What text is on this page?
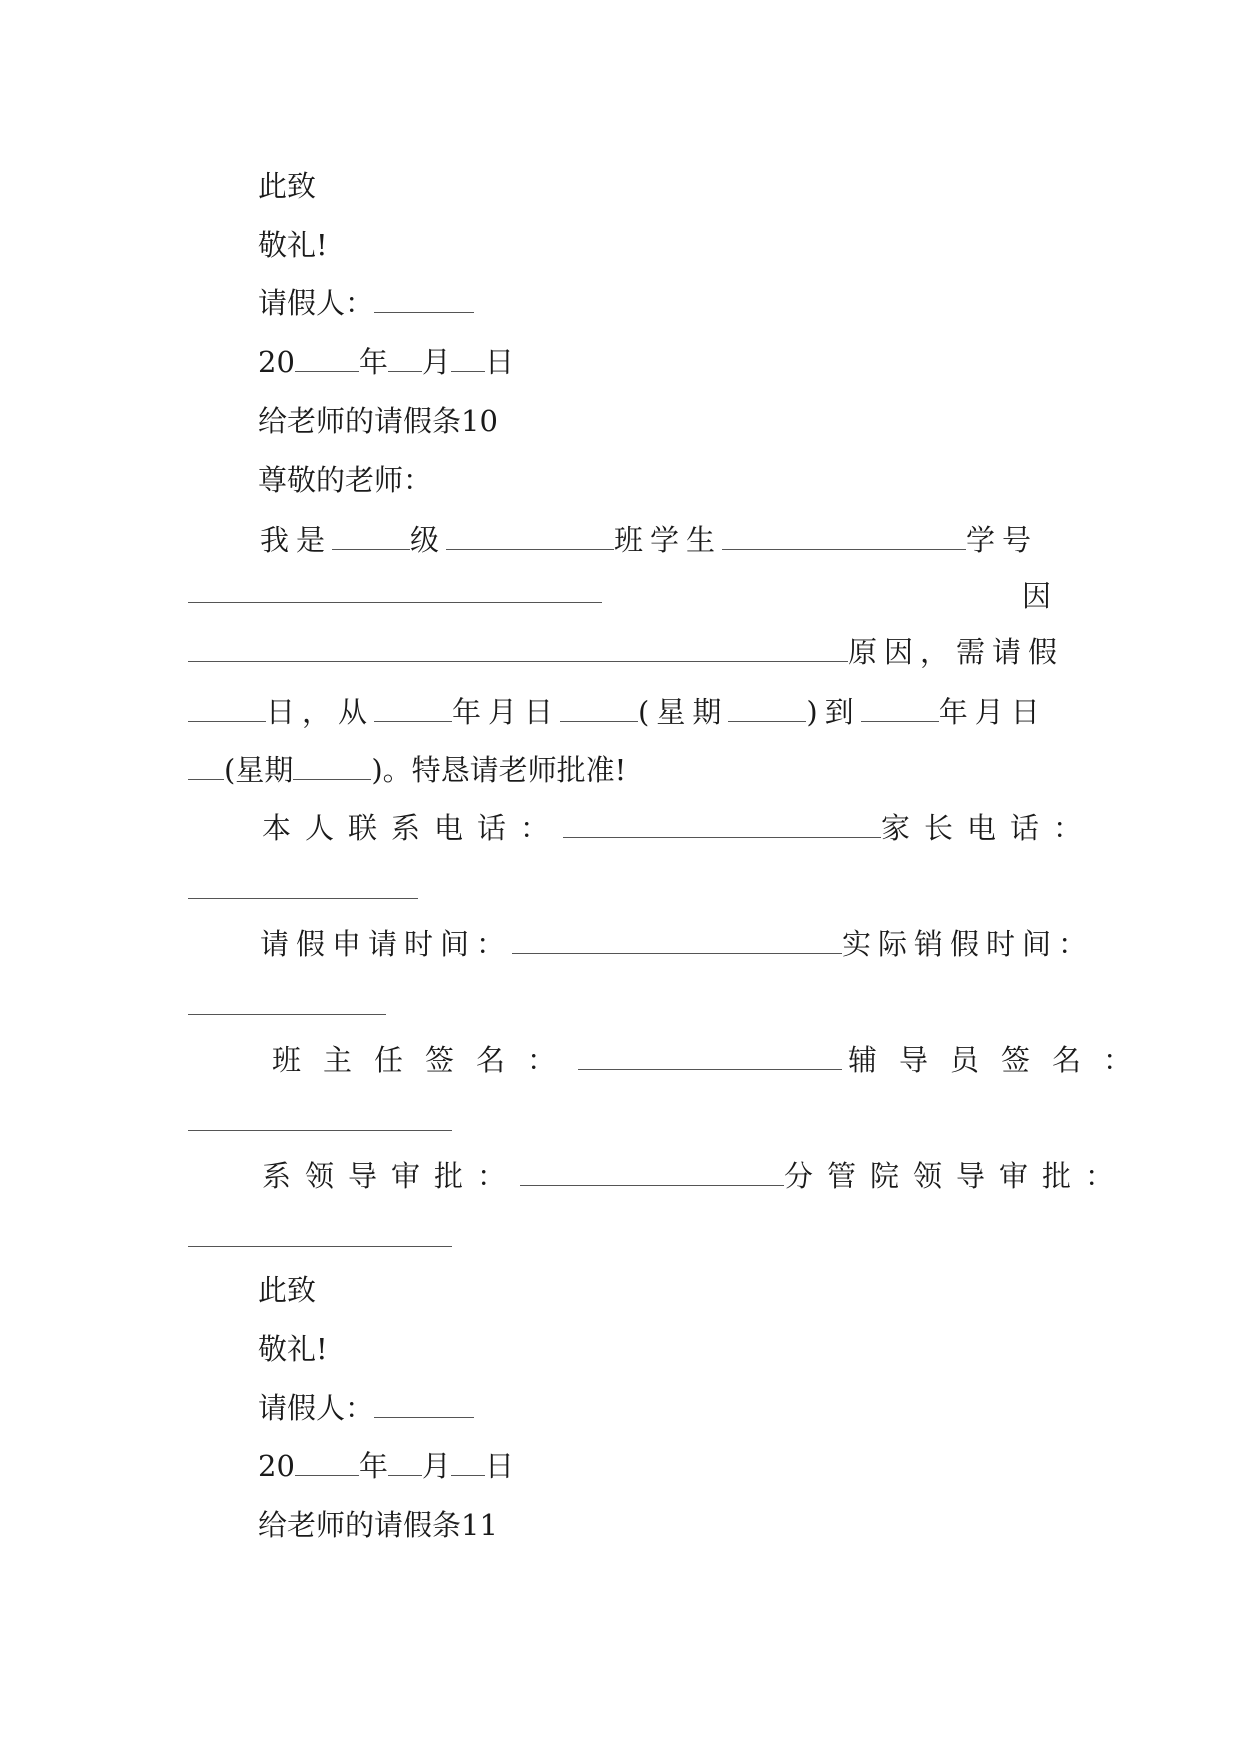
此致

敬礼!

请假人：

20 年 月 日

给老师的请假条10

尊敬的老师：

我是	级	班学生	学号

因

原因，需请假

日，从	年月日	(星期	)到	年月日

(星期	)。特恳请老师批准!

本人联系电话：	家长电话：

请假申请时间：	实际销假时间：

班主任签名：	辅导员签名：

系领导审批：	分管院领导审批：

此致

敬礼!

请假人：

20 年 月 日

给老师的请假条11
